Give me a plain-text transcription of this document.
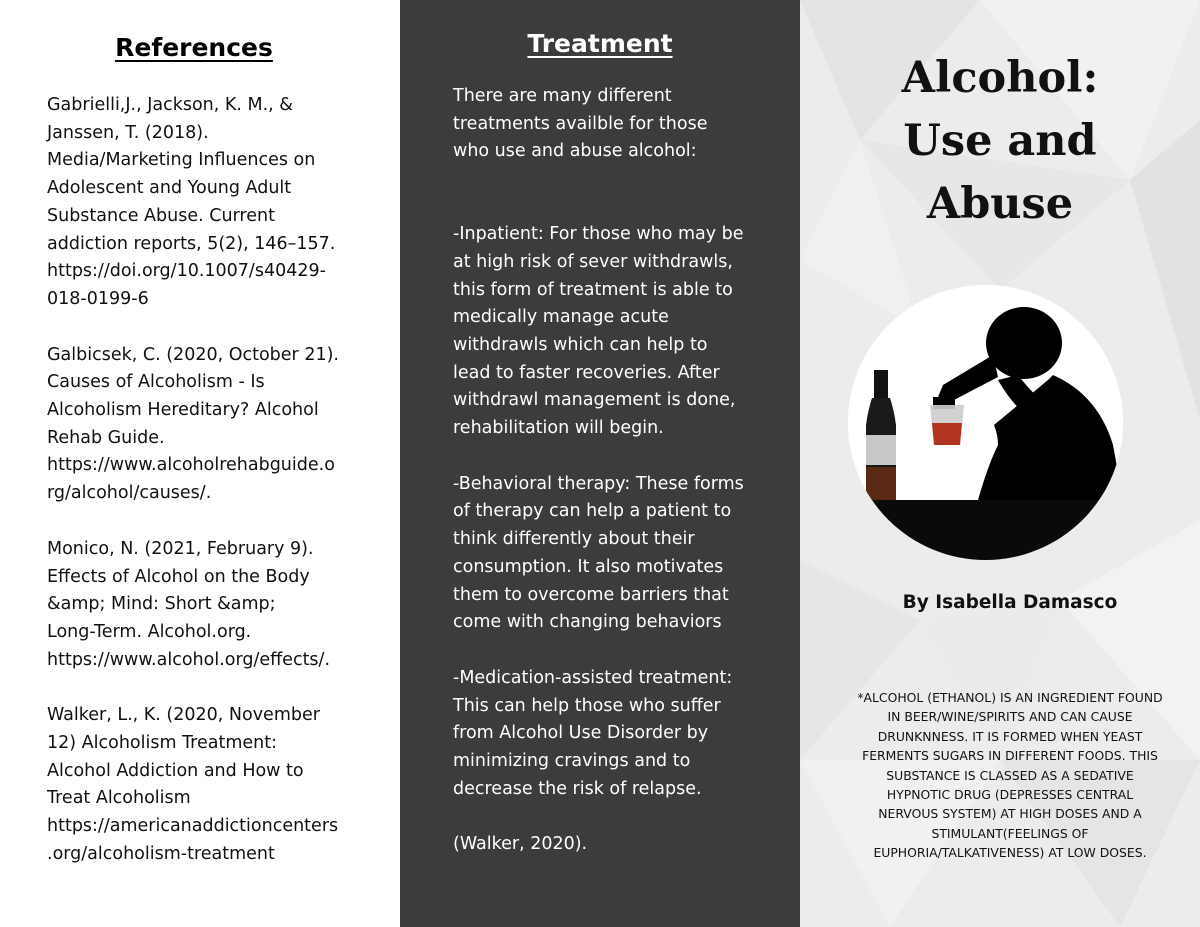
References

Gabrielli,J., Jackson, K. M., &
Janssen, T. (2018).
Media/Marketing Influences on
Adolescent and Young Adult
Substance Abuse. Current
addiction reports, 5(2), 146–157.
https://doi.org/10.1007/s40429-
018-0199-6

Galbicsek, C. (2020, October 21).
Causes of Alcoholism - Is
Alcoholism Hereditary? Alcohol
Rehab Guide.
https://www.alcoholrehabguide.o
rg/alcohol/causes/.

Monico, N. (2021, February 9).
Effects of Alcohol on the Body
&amp; Mind: Short &amp;
Long-Term. Alcohol.org.
https://www.alcohol.org/effects/.

Walker, L., K. (2020, November
12) Alcoholism Treatment:
Alcohol Addiction and How to
Treat Alcoholism
https://americanaddictioncenters
.org/alcoholism-treatment

Treatment

There are many different
treatments availble for those
who use and abuse alcohol:

-Inpatient: For those who may be
at high risk of sever withdrawls,
this form of treatment is able to
medically manage acute
withdrawls which can help to
lead to faster recoveries. After
withdrawl management is done,
rehabilitation will begin.

-Behavioral therapy: These forms
of therapy can help a patient to
think differently about their
consumption. It also motivates
them to overcome barriers that
come with changing behaviors

-Medication-assisted treatment:
This can help those who suffer
from Alcohol Use Disorder by
minimizing cravings and to
decrease the risk of relapse.

(Walker, 2020).

Alcohol:
Use and
Abuse
By Isabella Damasco
*ALCOHOL (ETHANOL) IS AN INGREDIENT FOUND IN BEER/WINE/SPIRITS AND CAN CAUSE DRUNKNNESS. IT IS FORMED WHEN YEAST FERMENTS SUGARS IN DIFFERENT FOODS. THIS SUBSTANCE IS CLASSED AS A SEDATIVE HYPNOTIC DRUG (DEPRESSES CENTRAL NERVOUS SYSTEM) AT HIGH DOSES AND A STIMULANT(FEELINGS OF EUPHORIA/TALKATIVENESS) AT LOW DOSES.
